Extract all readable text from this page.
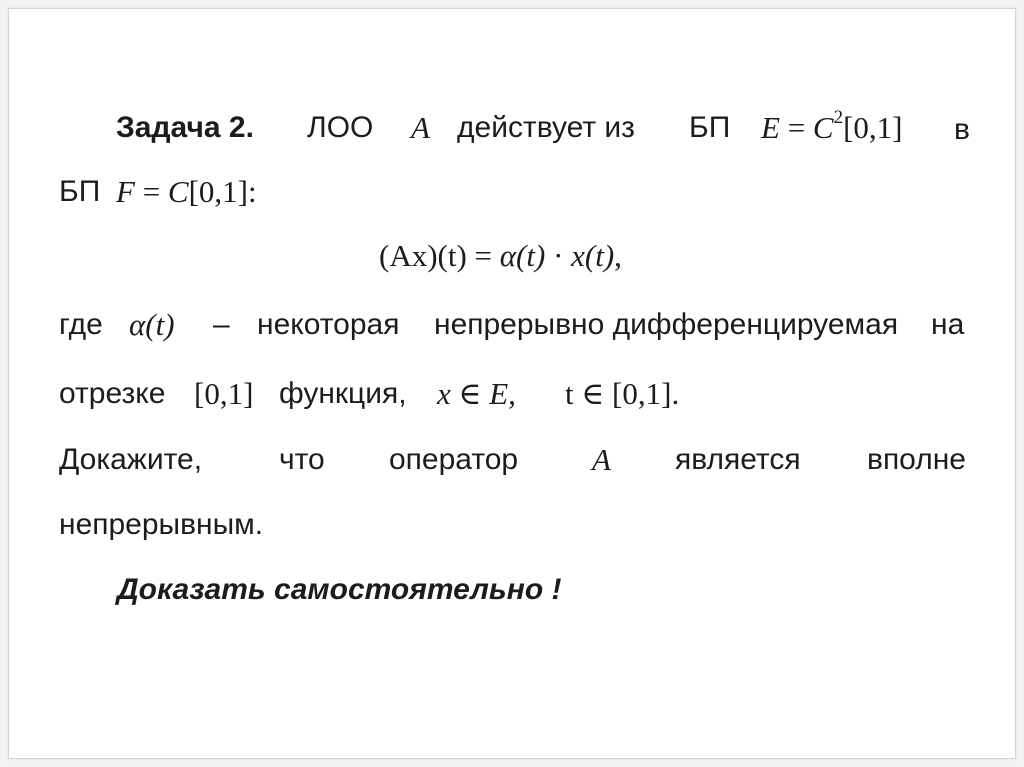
Задача 2. ЛОО A действует из БП $E = C^2[0,1]$ в
БП F = C[0,1]:
(Ax)(t) = α(t) · x(t),
где α(t) – некоторая непрерывно дифференцируемая на
отрезке [0,1] функция, x ∈ E, t ∈ [0,1].
Докажите,	что оператор A является вполне
непрерывным.
Доказать самостоятельно !
